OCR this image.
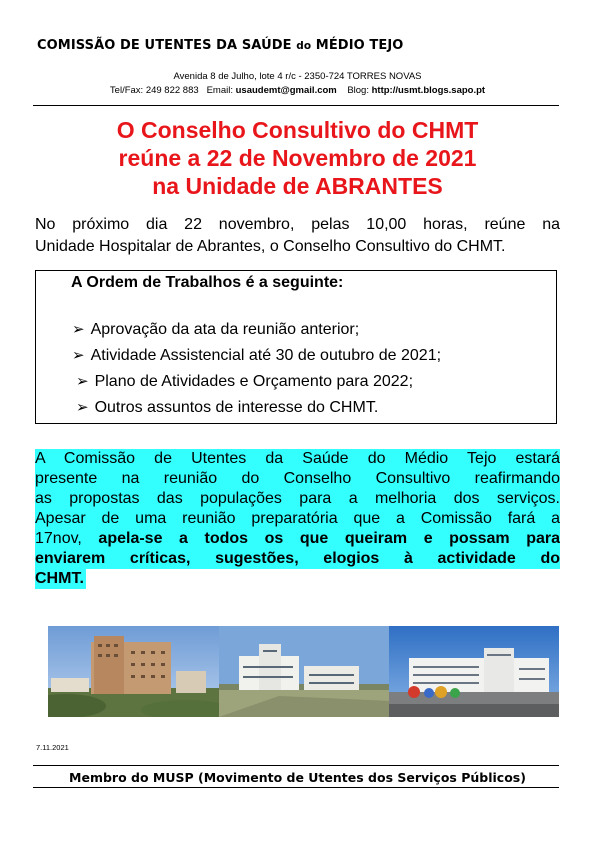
COMISSÃO DE UTENTES DA SAÚDE do MÉDIO TEJO
Avenida 8 de Julho, lote 4 r/c - 2350-724 TORRES NOVAS
Tel/Fax: 249 822 883 Email: usaudemt@gmail.com Blog: http://usmt.blogs.sapo.pt
O Conselho Consultivo do CHMT
reúne a 22 de Novembro de 2021
na Unidade de ABRANTES
No próximo dia 22 novembro, pelas 10,00 horas, reúne na
Unidade Hospitalar de Abrantes, o Conselho Consultivo do CHMT.
A Ordem de Trabalhos é a seguinte:
➢ Aprovação da ata da reunião anterior;
➢ Atividade Assistencial até 30 de outubro de 2021;
➢ Plano de Atividades e Orçamento para 2022;
➢ Outros assuntos de interesse do CHMT.
A Comissão de Utentes da Saúde do Médio Tejo estará
presente na reunião do Conselho Consultivo reafirmando
as propostas das populações para a melhoria dos serviços.
Apesar de uma reunião preparatória que a Comissão fará a
17nov, apela-se a todos os que queiram e possam para
enviarem críticas, sugestões, elogios à actividade do
CHMT.
7.11.2021
Membro do MUSP (Movimento de Utentes dos Serviços Públicos)
